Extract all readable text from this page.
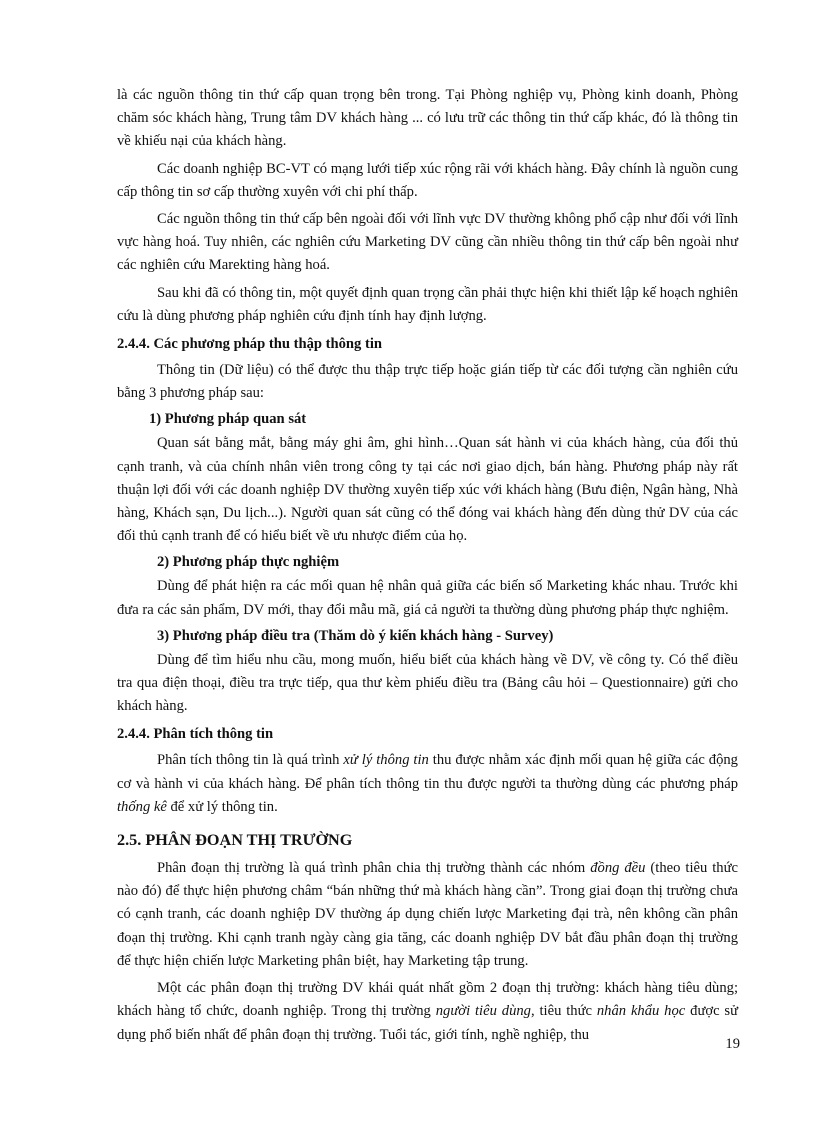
là các nguồn thông tin thứ cấp quan trọng bên trong. Tại Phòng nghiệp vụ, Phòng kinh doanh, Phòng chăm sóc khách hàng, Trung tâm DV khách hàng ... có lưu trữ các thông tin thứ cấp khác, đó là thông tin về khiếu nại của khách hàng.

Các doanh nghiệp BC-VT có mạng lưới tiếp xúc rộng rãi với khách hàng. Đây chính là nguồn cung cấp thông tin sơ cấp thường xuyên với chi phí thấp.

Các nguồn thông tin thứ cấp bên ngoài đối với lĩnh vực DV thường không phổ cập như đối với lĩnh vực hàng hoá. Tuy nhiên, các nghiên cứu Marketing DV cũng cần nhiều thông tin thứ cấp bên ngoài như các nghiên cứu Marekting hàng hoá.

Sau khi đã có thông tin, một quyết định quan trọng cần phải thực hiện khi thiết lập kế hoạch nghiên cứu là dùng phương pháp nghiên cứu định tính hay định lượng.

2.4.4. Các phương pháp thu thập thông tin

Thông tin (Dữ liệu) có thể được thu thập trực tiếp hoặc gián tiếp từ các đối tượng cần nghiên cứu bằng 3 phương pháp sau:

1) Phương pháp quan sát

Quan sát bằng mắt, bằng máy ghi âm, ghi hình…Quan sát hành vi của khách hàng, của đối thủ cạnh tranh, và của chính nhân viên trong công ty tại các nơi giao dịch, bán hàng. Phương pháp này rất thuận lợi đối với các doanh nghiệp DV thường xuyên tiếp xúc với khách hàng (Bưu điện, Ngân hàng, Nhà hàng, Khách sạn, Du lịch...). Người quan sát cũng có thể đóng vai khách hàng đến dùng thử DV của các đối thủ cạnh tranh để có hiểu biết về ưu nhược điểm của họ.

2) Phương pháp thực nghiệm

Dùng để phát hiện ra các mối quan hệ nhân quả giữa các biến số Marketing khác nhau. Trước khi đưa ra các sản phẩm, DV mới, thay đổi mẫu mã, giá cả người ta thường dùng phương pháp thực nghiệm.

3) Phương pháp điều tra (Thăm dò ý kiến khách hàng - Survey)

Dùng để tìm hiểu nhu cầu, mong muốn, hiểu biết của khách hàng về DV, về công ty. Có thể điều tra qua điện thoại, điều tra trực tiếp, qua thư kèm phiếu điều tra (Bảng câu hỏi – Questionnaire) gửi cho khách hàng.

2.4.4. Phân tích thông tin

Phân tích thông tin là quá trình xử lý thông tin thu được nhằm xác định mối quan hệ giữa các động cơ và hành vi của khách hàng. Để phân tích thông tin thu được người ta thường dùng các phương pháp thống kê để xử lý thông tin.

2.5. PHÂN ĐOẠN THỊ TRƯỜNG

Phân đoạn thị trường là quá trình phân chia thị trường thành các nhóm đồng đều (theo tiêu thức nào đó) để thực hiện phương châm “bán những thứ mà khách hàng cần”. Trong giai đoạn thị trường chưa có cạnh tranh, các doanh nghiệp DV thường áp dụng chiến lược Marketing đại trà, nên không cần phân đoạn thị trường. Khi cạnh tranh ngày càng gia tăng, các doanh nghiệp DV bắt đầu phân đoạn thị trường để thực hiện chiến lược Marketing phân biệt, hay Marketing tập trung.

Một các phân đoạn thị trường DV khái quát nhất gồm 2 đoạn thị trường: khách hàng tiêu dùng; khách hàng tổ chức, doanh nghiệp. Trong thị trường người tiêu dùng, tiêu thức nhân khẩu học được sử dụng phổ biến nhất để phân đoạn thị trường. Tuổi tác, giới tính, nghề nghiệp, thu

19
